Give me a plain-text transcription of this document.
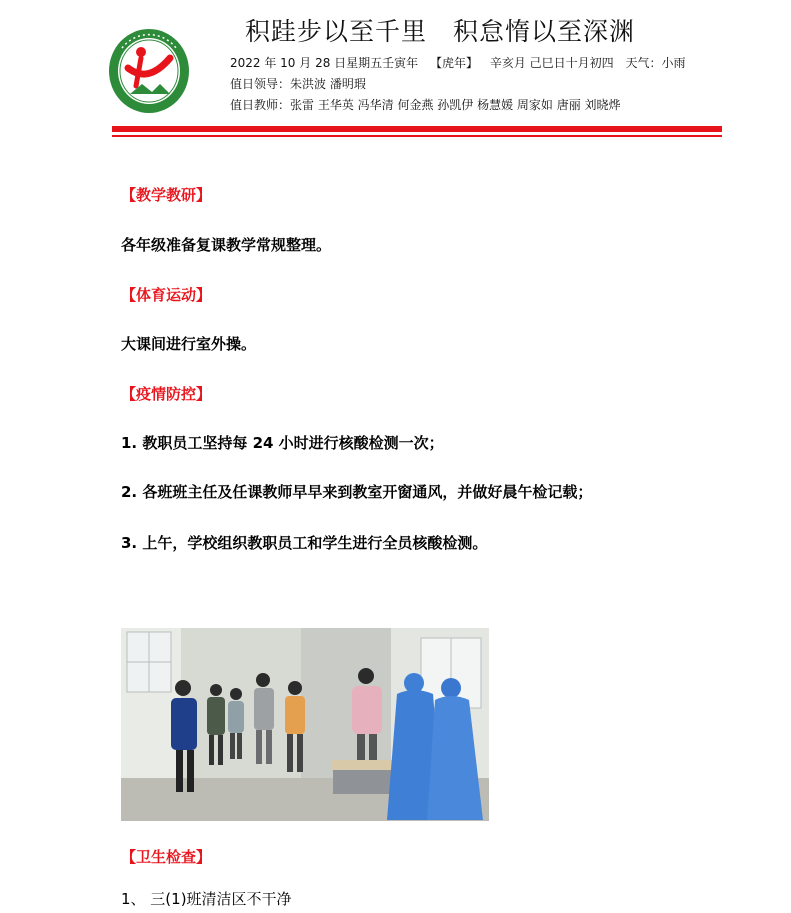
积跬步以至千里 积怠惰以至深渊
2022 年 10 月 28 日星期五壬寅年 【虎年】 辛亥月 己巳日十月初四 天气：小雨
值日领导：朱洪波 潘明瑕
值日教师：张雷 王华英 冯华清 何金燕 孙凯伊 杨慧媛 周家如 唐丽 刘晓烨
【教学教研】
各年级准备复课教学常规整理。
【体育运动】
大课间进行室外操。
【疫情防控】
1. 教职员工坚持每 24 小时进行核酸检测一次；
2. 各班班主任及任课教师早早来到教室开窗通风，并做好晨午检记载；
3. 上午，学校组织教职员工和学生进行全员核酸检测。
【卫生检查】
1、 三(1)班清洁区不干净
